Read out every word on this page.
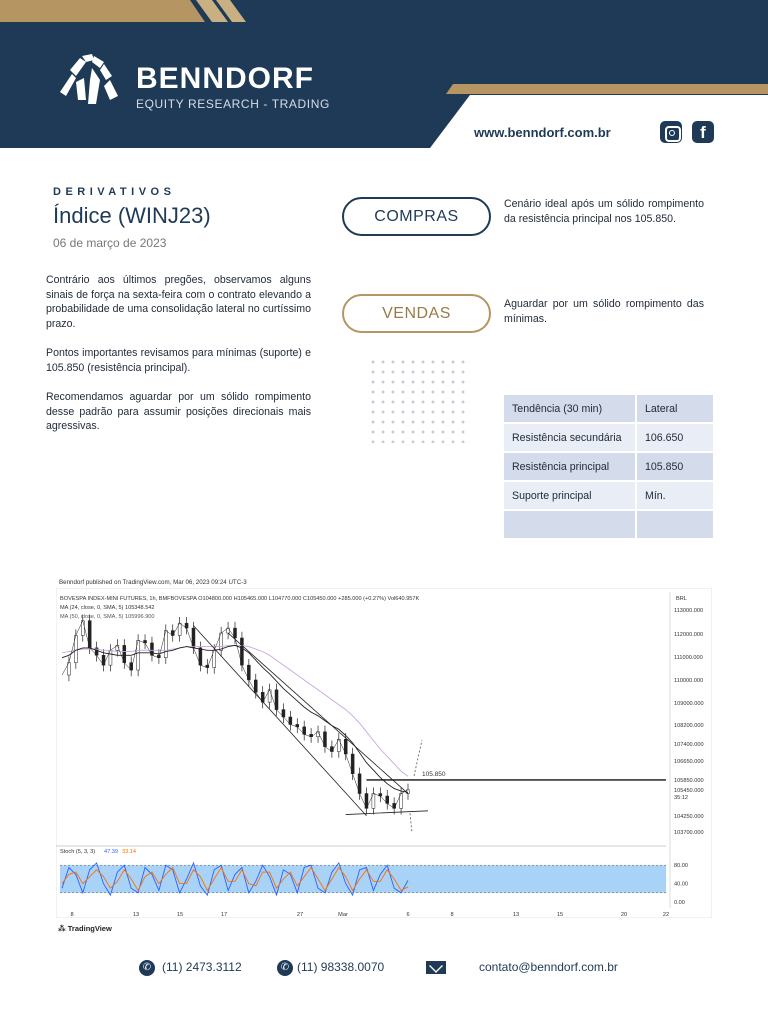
BENNDORF
EQUITY RESEARCH - TRADING
www.benndorf.com.br	f
DERIVATIVOS
Índice (WINJ23)
06 de março de 2023

Contrário aos últimos pregões, observamos alguns sinais de força na sexta-feira com o contrato elevando a probabilidade de uma consolidação lateral no curtíssimo prazo.

Pontos importantes revisamos para mínimas (suporte) e 105.850 (resistência principal).

Recomendamos aguardar por um sólido rompimento desse padrão para assumir posições direcionais mais agressivas.

COMPRAS

Cenário ideal após um sólido rompimento da resistência principal nos 105.850.

VENDAS

Aguardar por um sólido rompimento das mínimas.

Tendência (30 min)	Lateral
Resistência secundária	106.650
Resistência principal	105.850
Suporte principal	Mín.

Benndorf published on TradingView.com, Mar 06, 2023 09:24 UTC-3
BOVESPA INDEX-MINI FUTURES, 1h, BMFBOVESPA O104800.000 H105465.000 L104770.000 C105450.000 +285.000 (+0.27%) Vol640.957K
MA (24, close, 0, SMA, 5) 105348.542
MA (50, close, 0, SMA, 5) 105996.900
BRL
113000.000
112000.000
111000.000
110000.000
109000.000
108200.000
107400.000
106650.000
105850.000
105450.000
35:12
104250.000
103700.000
105.850
Stoch (5, 3, 3) 47.39 33.14
80.00
40.00
0.00
8	13	15	17	27	Mar	6	8	13	15	20	22
⁂ TradingView
✆ (11) 2473.3112	✆ (11) 98338.0070	contato@benndorf.com.br
